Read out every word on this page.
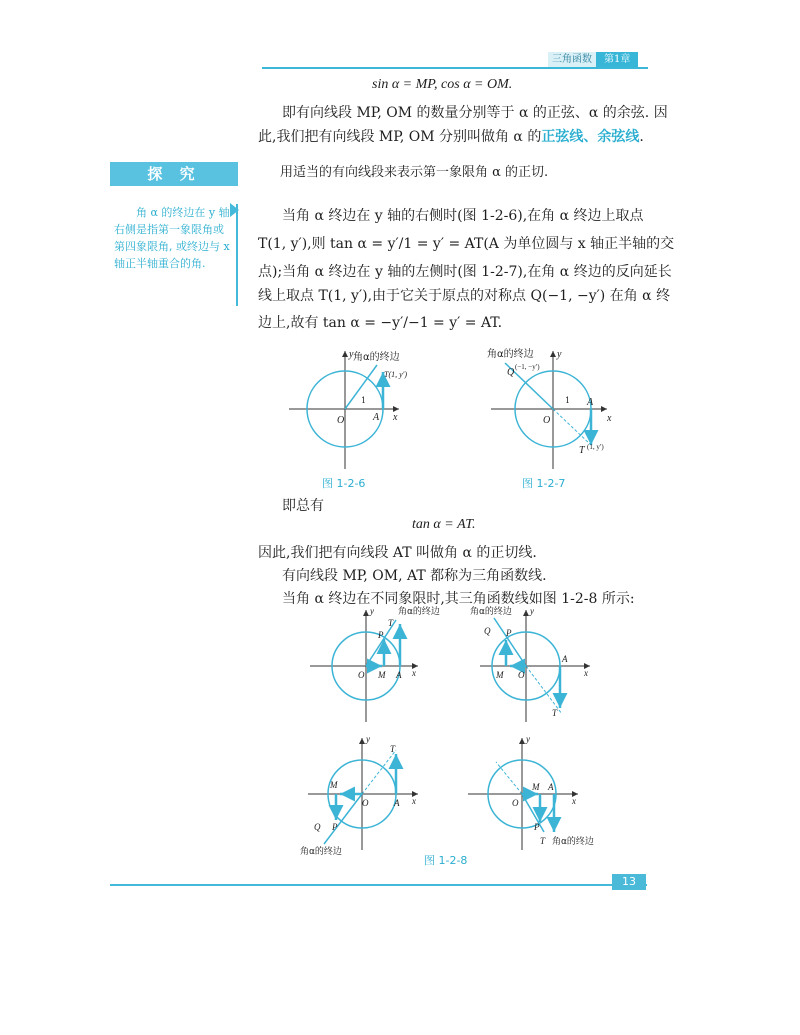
三角函数	第1章
sin α = MP, cos α = OM.
即有向线段 MP, OM 的数量分别等于 α 的正弦、α 的余弦. 因
此,我们把有向线段 MP, OM 分别叫做角 α 的正弦线、余弦线.
探 究	用适当的有向线段来表示第一象限角 α 的正切.
角 α 的终边在 y 轴右侧是指第一象限角或第四象限角, 或终边与 x 轴正半轴重合的角.
当角 α 终边在 y 轴的右侧时(图 1-2-6),在角 α 终边上取点
T(1, y′),则 tan α = y′/1 = y′ = AT(A 为单位圆与 x 轴正半轴的交
点);当角 α 终边在 y 轴的左侧时(图 1-2-7),在角 α 终边的反向延长
线上取点 T(1, y′),由于它关于原点的对称点 Q(−1, −y′) 在角 α 终
边上,故有 tan α = −y′/−1 = y′ = AT.
角α的终边
T(1, y′)
1
O	A x
y
图 1-2-6
角α的终边
Q (−1, −y′)
1
O
A
x
y
T (1, y′)
图 1-2-7
即总有
tan α = AT.
因此,我们把有向线段 AT 叫做角 α 的正切线.
有向线段 MP, OM, AT 都称为三角函数线.
当角 α 终边在不同象限时,其三角函数线如图 1-2-8 所示:
角α的终边
T
P
O M A x
y	角α的终边
Q P
M O
A
x
y
T
T
M
O	A x
y
Q P
角α的终边
O
M A
x
y
P
T 角α的终边
图 1-2-8
13
